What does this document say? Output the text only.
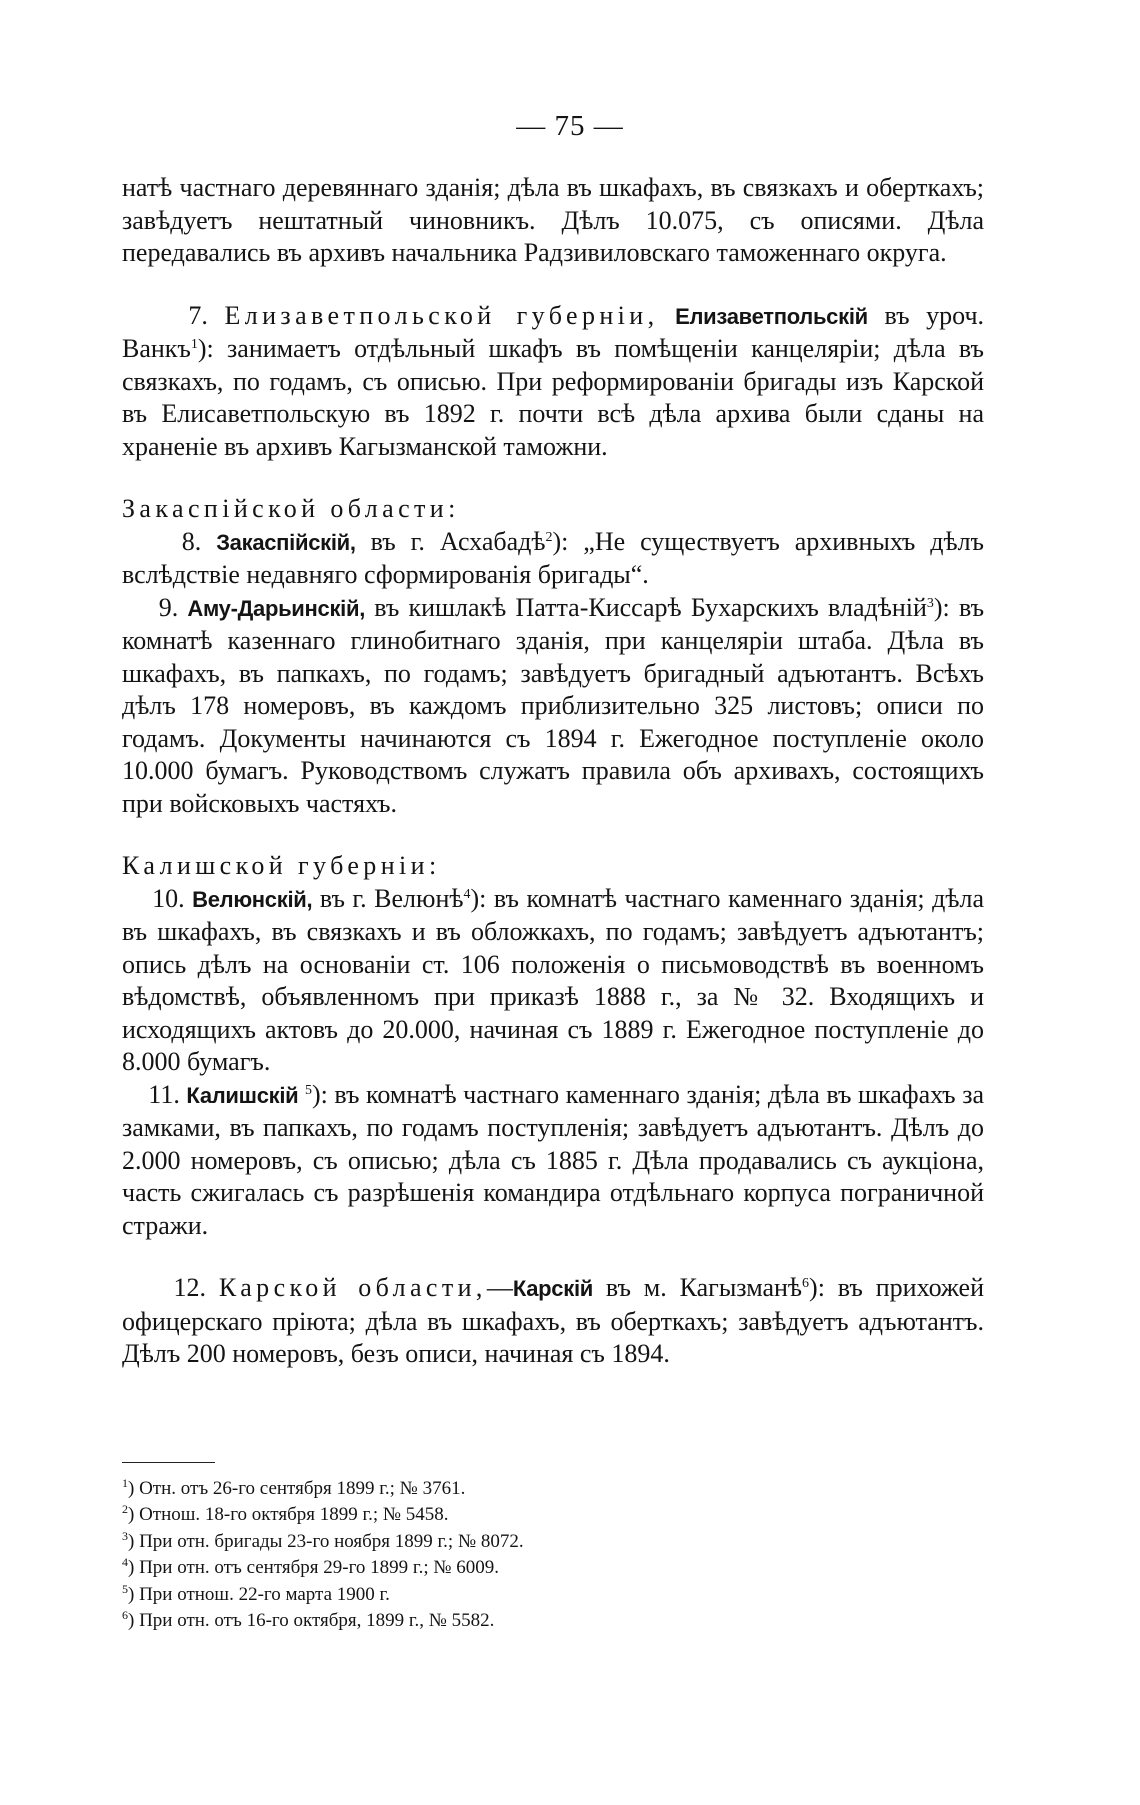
— 75 —

натѣ частнаго деревяннаго зданія; дѣла въ шкафахъ, въ связкахъ и оберткахъ; завѣдуетъ нештатный чиновникъ. Дѣлъ 10.075, съ описями. Дѣла передавались въ архивъ начальника Радзивиловскаго таможеннаго округа.

7. Елизаветпольской губерніи, Елизаветпольскій въ уроч. Ванкъ$^1$): занимаетъ отдѣльный шкафъ въ помѣщеніи канцеляріи; дѣла въ связкахъ, по годамъ, съ описью. При реформированіи бригады изъ Карской въ Елисаветпольскую въ 1892 г. почти всѣ дѣла архива были сданы на храненіе въ архивъ Кагызманской таможни.

Закаспійской области:

8. Закаспійскій, въ г. Асхабадѣ$^2$): „Не существуетъ архивныхъ дѣлъ вслѣдствіе недавняго сформированія бригады“.

9. Аму-Дарьинскій, въ кишлакѣ Патта-Киссарѣ Бухарскихъ владѣній$^3$): въ комнатѣ казеннаго глинобитнаго зданія, при канцеляріи штаба. Дѣла въ шкафахъ, въ папкахъ, по годамъ; завѣдуетъ бригадный адъютантъ. Всѣхъ дѣлъ 178 номеровъ, въ каждомъ приблизительно 325 листовъ; описи по годамъ. Документы начинаются съ 1894 г. Ежегодное поступленіе около 10.000 бумагъ. Руководствомъ служатъ правила объ архивахъ, состоящихъ при войсковыхъ частяхъ.

Калишской губерніи:

10. Велюнскій, въ г. Велюнѣ$^4$): въ комнатѣ частнаго каменнаго зданія; дѣла въ шкафахъ, въ связкахъ и въ обложкахъ, по годамъ; завѣдуетъ адъютантъ; опись дѣлъ на основаніи ст. 106 положенія о письмоводствѣ въ военномъ вѣдомствѣ, объявленномъ при приказѣ 1888 г., за № 32. Входящихъ и исходящихъ актовъ до 20.000, начиная съ 1889 г. Ежегодное поступленіе до 8.000 бумагъ.

11. Калишскій $^5$): въ комнатѣ частнаго каменнаго зданія; дѣла въ шкафахъ за замками, въ папкахъ, по годамъ поступленія; завѣдуетъ адъютантъ. Дѣлъ до 2.000 номеровъ, съ описью; дѣла съ 1885 г. Дѣла продавались съ аукціона, часть сжигалась съ разрѣшенія командира отдѣльнаго корпуса пограничной стражи.

12. Карской области,—Карскій въ м. Кагызманѣ$^6$): въ прихожей офицерскаго пріюта; дѣла въ шкафахъ, въ оберткахъ; завѣдуетъ адъютантъ. Дѣлъ 200 номеровъ, безъ описи, начиная съ 1894.

$^1$) Отн. отъ 26-го сентября 1899 г.; № 3761.
$^2$) Отнош. 18-го октября 1899 г.; № 5458.
$^3$) При отн. бригады 23-го ноября 1899 г.; № 8072.
$^4$) При отн. отъ сентября 29-го 1899 г.; № 6009.
$^5$) При отнош. 22-го марта 1900 г.
$^6$) При отн. отъ 16-го октября, 1899 г., № 5582.
